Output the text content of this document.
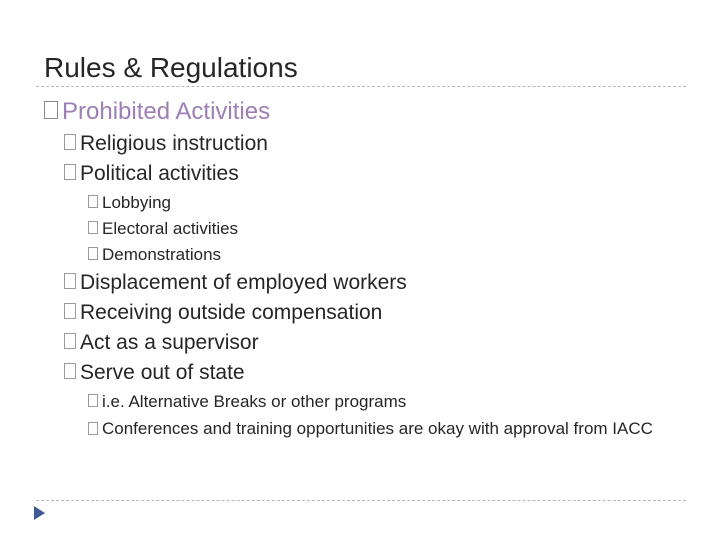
Rules & Regulations
Prohibited Activities
Religious instruction
Political activities
Lobbying
Electoral activities
Demonstrations
Displacement of employed workers
Receiving outside compensation
Act as a supervisor
Serve out of state
i.e. Alternative Breaks or other programs
Conferences and training opportunities are okay with approval from IACC
